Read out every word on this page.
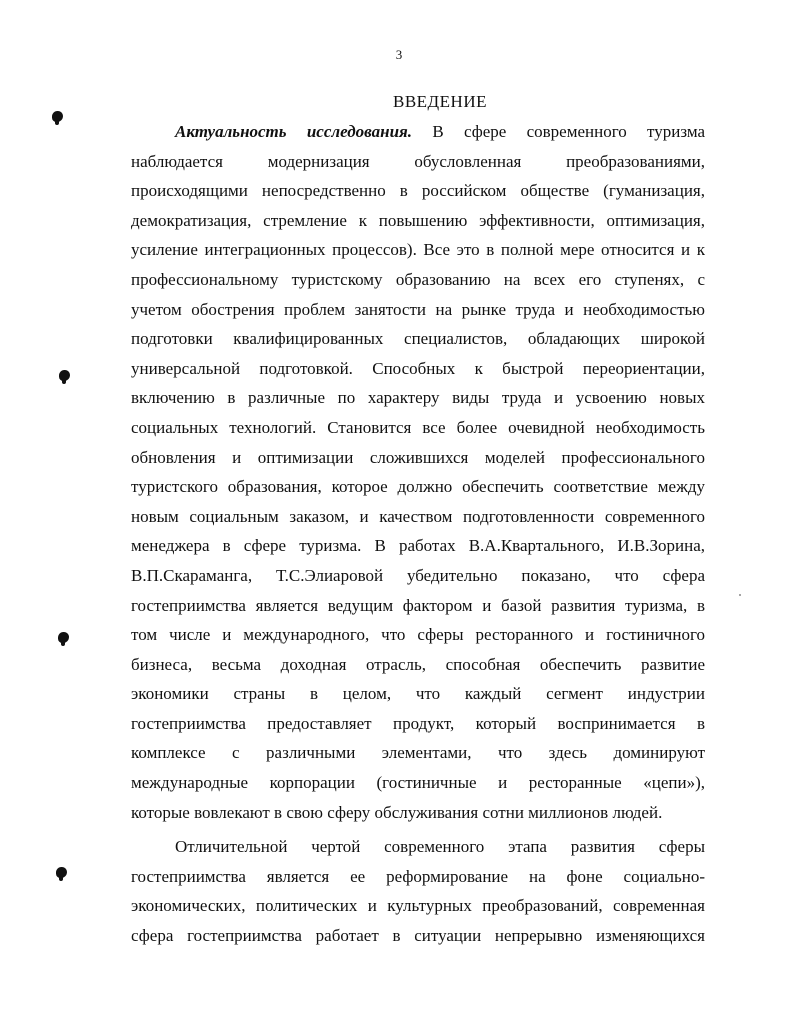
3
ВВЕДЕНИЕ
Актуальность исследования. В сфере современного туризма
наблюдается модернизация обусловленная преобразованиями,
происходящими непосредственно в российском обществе (гуманизация,
демократизация, стремление к повышению эффективности, оптимизация,
усиление интеграционных процессов). Все это в полной мере относится и к
профессиональному туристскому образованию на всех его ступенях, с
учетом обострения проблем занятости на рынке труда и необходимостью
подготовки квалифицированных специалистов, обладающих широкой
универсальной подготовкой. Способных к быстрой переориентации,
включению в различные по характеру виды труда и усвоению новых
социальных технологий. Становится все более очевидной необходимость
обновления и оптимизации сложившихся моделей профессионального
туристского образования, которое должно обеспечить соответствие между
новым социальным заказом, и качеством подготовленности современного
менеджера в сфере туризма. В работах В.А.Квартального, И.В.Зорина,
В.П.Скараманга, Т.С.Элиаровой убедительно показано, что сфера
гостеприимства является ведущим фактором и базой развития туризма, в
том числе и международного, что сферы ресторанного и гостиничного
бизнеса, весьма доходная отрасль, способная обеспечить развитие
экономики страны в целом, что каждый сегмент индустрии
гостеприимства предоставляет продукт, который воспринимается в
комплексе с различными элементами, что здесь доминируют
международные корпорации (гостиничные и ресторанные «цепи»),
которые вовлекают в свою сферу обслуживания сотни миллионов людей.
Отличительной чертой современного этапа развития сферы
гостеприимства является ее реформирование на фоне социально-
экономических, политических и культурных преобразований, современная
сфера гостеприимства работает в ситуации непрерывно изменяющихся
